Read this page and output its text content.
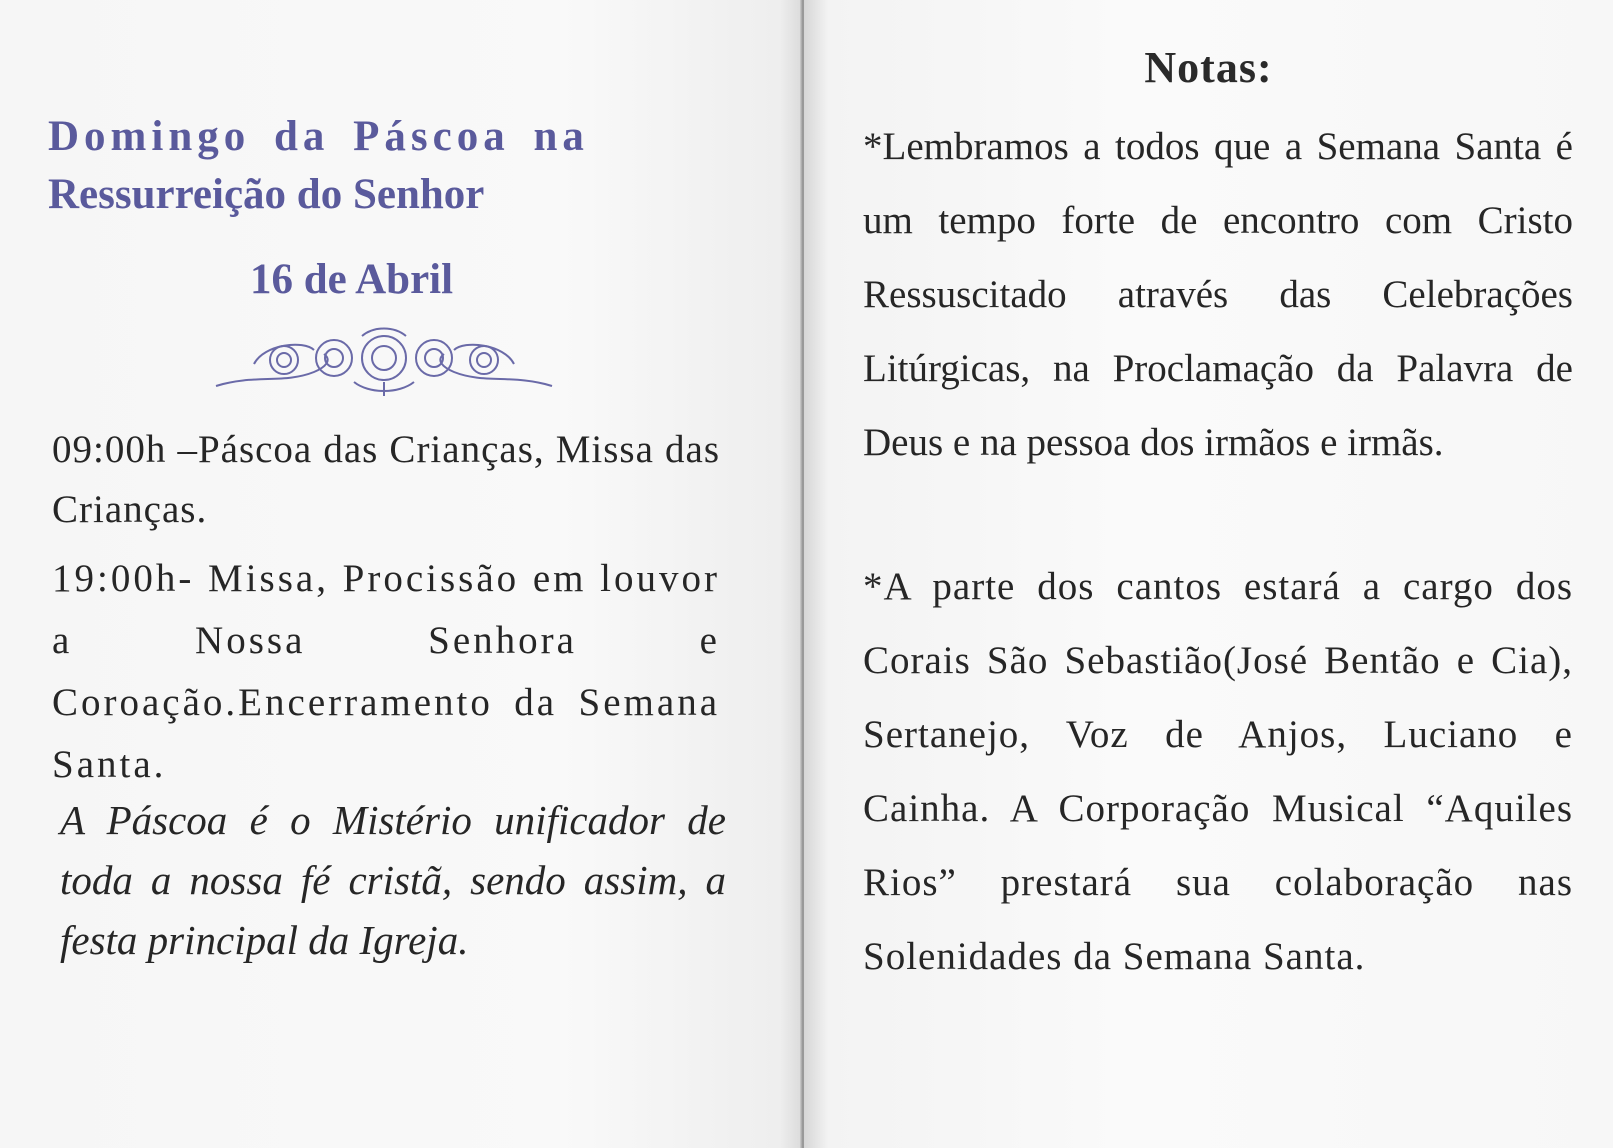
Domingo da Páscoa na
Ressurreição do Senhor
16 de Abril
09:00h –Páscoa das Crianças, Missa das Crianças.
19:00h- Missa, Procissão em louvor a Nossa Senhora e Coroação.Encerramento da Semana Santa.
A Páscoa é o Mistério unificador de toda a nossa fé cristã, sendo assim, a festa principal da Igreja.
Notas:
*Lembramos a todos que a Semana Santa é um tempo forte de encontro com Cristo Ressuscitado através das Celebrações Litúrgicas, na Proclamação da Palavra de Deus e na pessoa dos irmãos e irmãs.
*A parte dos cantos estará a cargo dos Corais São Sebastião(José Bentão e Cia), Sertanejo, Voz de Anjos, Luciano e Cainha. A Corporação Musical “Aquiles Rios” prestará sua colaboração nas Solenidades da Semana Santa.
